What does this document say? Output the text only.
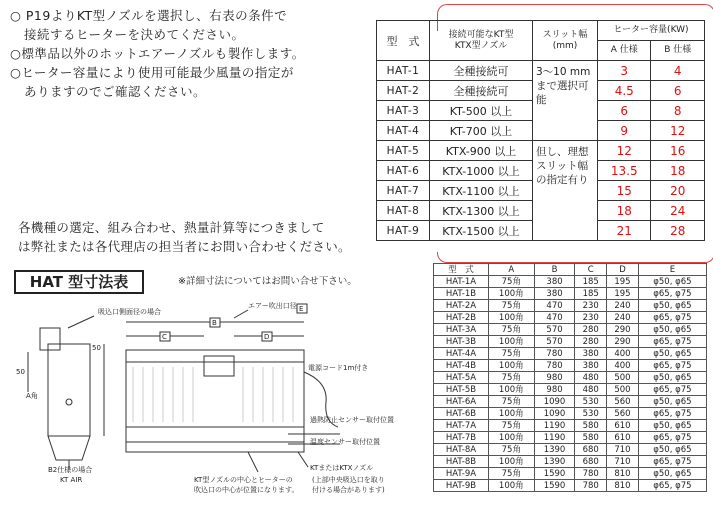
○ P19よりKT型ノズルを選択し、右表の条件で
接続するヒーターを決めてください。
○標準品以外のホットエアーノズルも製作します。
○ヒーター容量により使用可能最少風量の指定が
ありますのでご確認ください。
各機種の選定、組み合わせ、熱量計算等につきまして
は弊社または各代理店の担当者にお問い合わせください。
HAT 型寸法表	※詳細寸法についてはお問い合せ下さい。
型　式	接続可能なKT型
KTX型ノズル	スリット幅
(mm)	ヒーター容量(KW)	
			A 仕様	B 仕様
HAT-1	全種接続可	3〜10 mm まで選択可能	3	4
HAT-2	全種接続可		4.5	6
HAT-3	KT-500 以上		6	8
HAT-4	KT-700 以上		9	12
HAT-5	KTX-900 以上	但し、理想スリット幅の指定有り	12	16
HAT-6	KTX-1000 以上		13.5	18
HAT-7	KTX-1100 以上		15	20
HAT-8	KTX-1300 以上		18	24
HAT-9	KTX-1500 以上		21	28
型　式	A	B	C	D	E
HAT-1A	75角	380	185	195	φ50, φ65
HAT-1B	100角	380	185	195	φ65, φ75
HAT-2A	75角	470	230	240	φ50, φ65
HAT-2B	100角	470	230	240	φ65, φ75
HAT-3A	75角	570	280	290	φ50, φ65
HAT-3B	100角	570	280	290	φ65, φ75
HAT-4A	75角	780	380	400	φ50, φ65
HAT-4B	100角	780	380	400	φ65, φ75
HAT-5A	75角	980	480	500	φ50, φ65
HAT-5B	100角	980	480	500	φ65, φ75
HAT-6A	75角	1090	530	560	φ50, φ65
HAT-6B	100角	1090	530	560	φ65, φ75
HAT-7A	75角	1190	580	610	φ50, φ65
HAT-7B	100角	1190	580	610	φ65, φ75
HAT-8A	75角	1390	680	710	φ50, φ65
HAT-8B	100角	1390	680	710	φ65, φ75
HAT-9A	75角	1590	780	810	φ50, φ65
HAT-9B	100角	1590	780	810	φ65, φ75
吸込口側面径の場合
エアー吹出口径 E
B
C	D
50
50
A角
電源コード1m付き
過熱防止センサー取付位置
温度センサー取付位置
B2仕様の場合
KT AIR
KTまたはKTXノズル
KT型ノズルの中心とヒーターの
吹込口の中心が位置になります。
(上部中央吸込口を取り
付ける場合があります)
